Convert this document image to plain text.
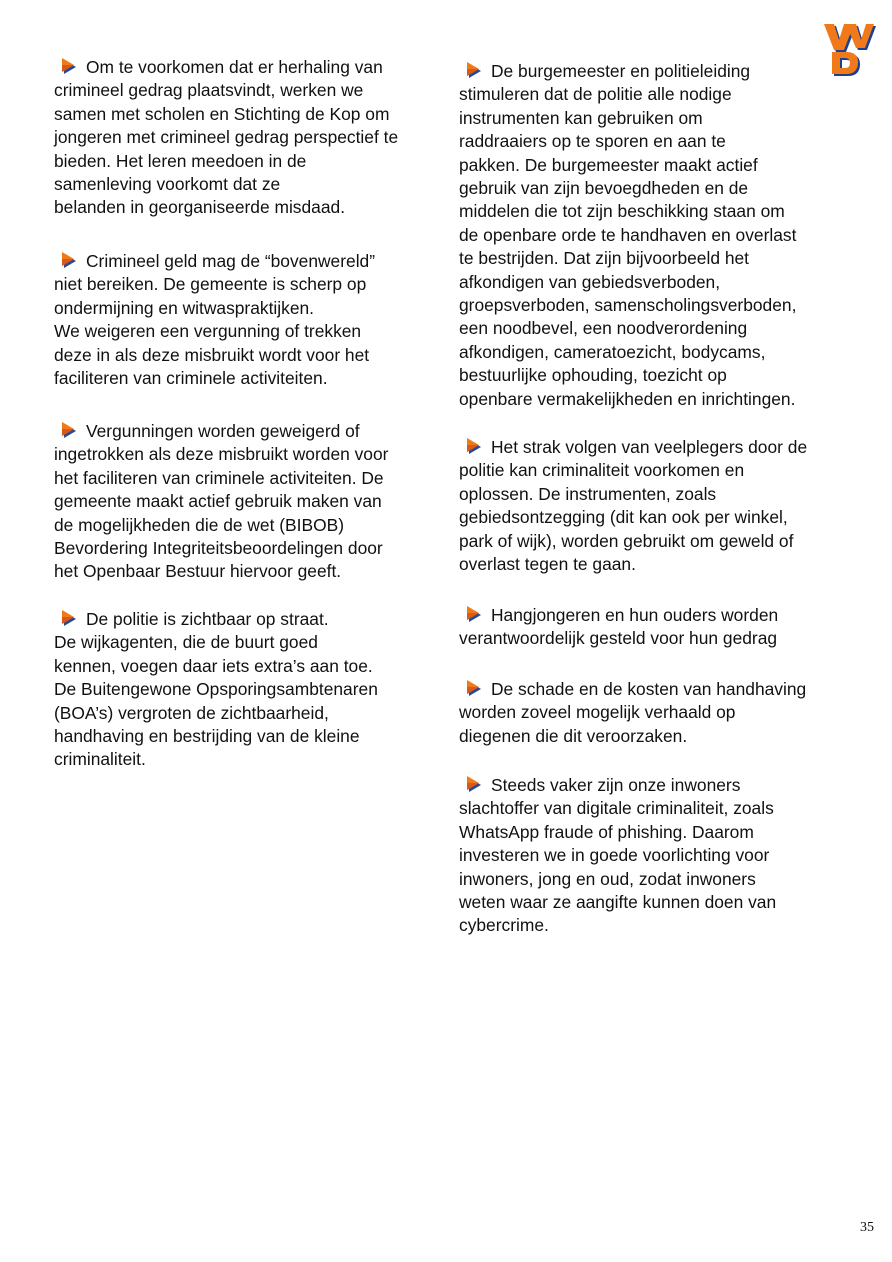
Om te voorkomen dat er herhaling van
crimineel gedrag plaatsvindt, werken we
samen met scholen en Stichting de Kop om
jongeren met crimineel gedrag perspectief te
bieden. Het leren meedoen in de
samenleving voorkomt dat ze
belanden in georganiseerde misdaad.

Crimineel geld mag de “bovenwereld”
niet bereiken. De gemeente is scherp op
ondermijning en witwaspraktijken.
We weigeren een vergunning of trekken
deze in als deze misbruikt wordt voor het
faciliteren van criminele activiteiten.

Vergunningen worden geweigerd of
ingetrokken als deze misbruikt worden voor
het faciliteren van criminele activiteiten. De
gemeente maakt actief gebruik maken van
de mogelijkheden die de wet (BIBOB)
Bevordering Integriteitsbeoordelingen door
het Openbaar Bestuur hiervoor geeft.

De politie is zichtbaar op straat.
De wijkagenten, die de buurt goed
kennen, voegen daar iets extra’s aan toe.
De Buitengewone Opsporingsambtenaren
(BOA’s) vergroten de zichtbaarheid,
handhaving en bestrijding van de kleine
criminaliteit.

De burgemeester en politieleiding
stimuleren dat de politie alle nodige
instrumenten kan gebruiken om
raddraaiers op te sporen en aan te
pakken. De burgemeester maakt actief
gebruik van zijn bevoegdheden en de
middelen die tot zijn beschikking staan om
de openbare orde te handhaven en overlast
te bestrijden. Dat zijn bijvoorbeeld het
afkondigen van gebiedsverboden,
groepsverboden, samenscholingsverboden,
een noodbevel, een noodverordening
afkondigen, cameratoezicht, bodycams,
bestuurlijke ophouding, toezicht op
openbare vermakelijkheden en inrichtingen.

Het strak volgen van veelplegers door de
politie kan criminaliteit voorkomen en
oplossen. De instrumenten, zoals
gebiedsontzegging (dit kan ook per winkel,
park of wijk), worden gebruikt om geweld of
overlast tegen te gaan.

Hangjongeren en hun ouders worden
verantwoordelijk gesteld voor hun gedrag

De schade en de kosten van handhaving
worden zoveel mogelijk verhaald op
diegenen die dit veroorzaken.

Steeds vaker zijn onze inwoners
slachtoffer van digitale criminaliteit, zoals
WhatsApp fraude of phishing. Daarom
investeren we in goede voorlichting voor
inwoners, jong en oud, zodat inwoners
weten waar ze aangifte kunnen doen van
cybercrime.

35
